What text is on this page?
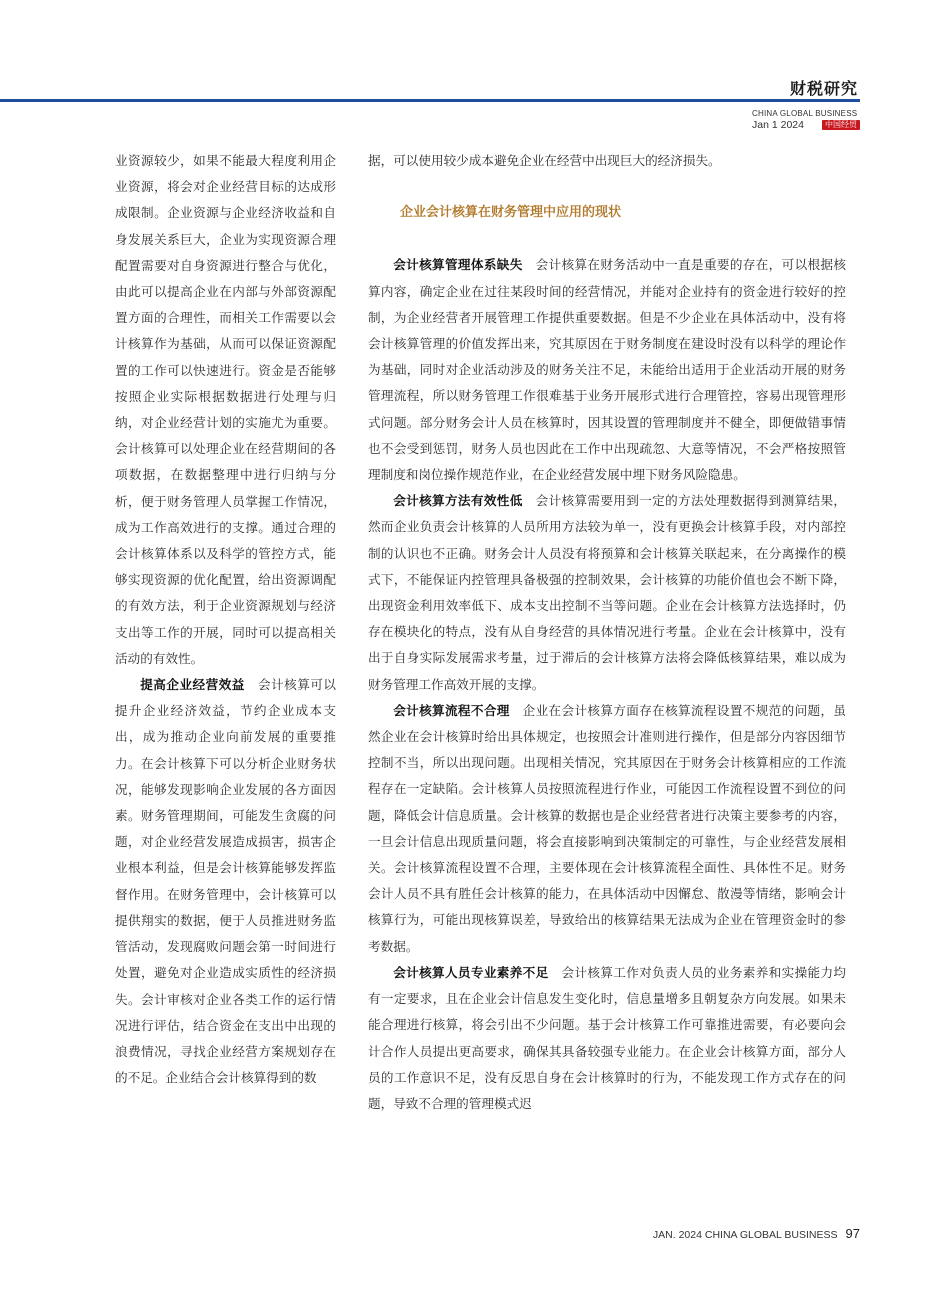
财税研究
CHINA GLOBAL BUSINESS
Jan 1 2024	中国经贸

业资源较少，如果不能最大程度利用企业资源，将会对企业经营目标的达成形成限制。企业资源与企业经济收益和自身发展关系巨大，企业为实现资源合理配置需要对自身资源进行整合与优化，由此可以提高企业在内部与外部资源配置方面的合理性，而相关工作需要以会计核算作为基础，从而可以保证资源配置的工作可以快速进行。资金是否能够按照企业实际根据数据进行处理与归纳，对企业经营计划的实施尤为重要。会计核算可以处理企业在经营期间的各项数据，在数据整理中进行归纳与分析，便于财务管理人员掌握工作情况，成为工作高效进行的支撑。通过合理的会计核算体系以及科学的管控方式，能够实现资源的优化配置，给出资源调配的有效方法，利于企业资源规划与经济支出等工作的开展，同时可以提高相关活动的有效性。

提高企业经营效益  会计核算可以提升企业经济效益，节约企业成本支出，成为推动企业向前发展的重要推力。在会计核算下可以分析企业财务状况，能够发现影响企业发展的各方面因素。财务管理期间，可能发生贪腐的问题，对企业经营发展造成损害，损害企业根本利益，但是会计核算能够发挥监督作用。在财务管理中，会计核算可以提供翔实的数据，便于人员推进财务监管活动，发现腐败问题会第一时间进行处置，避免对企业造成实质性的经济损失。会计审核对企业各类工作的运行情况进行评估，结合资金在支出中出现的浪费情况，寻找企业经营方案规划存在的不足。企业结合会计核算得到的数

据，可以使用较少成本避免企业在经营中出现巨大的经济损失。

企业会计核算在财务管理中应用的现状

会计核算管理体系缺失  会计核算在财务活动中一直是重要的存在，可以根据核算内容，确定企业在过往某段时间的经营情况，并能对企业持有的资金进行较好的控制，为企业经营者开展管理工作提供重要数据。但是不少企业在具体活动中，没有将会计核算管理的价值发挥出来，究其原因在于财务制度在建设时没有以科学的理论作为基础，同时对企业活动涉及的财务关注不足，未能给出适用于企业活动开展的财务管理流程，所以财务管理工作很难基于业务开展形式进行合理管控，容易出现管理形式问题。部分财务会计人员在核算时，因其设置的管理制度并不健全，即便做错事情也不会受到惩罚，财务人员也因此在工作中出现疏忽、大意等情况，不会严格按照管理制度和岗位操作规范作业，在企业经营发展中埋下财务风险隐患。

会计核算方法有效性低  会计核算需要用到一定的方法处理数据得到测算结果，然而企业负责会计核算的人员所用方法较为单一，没有更换会计核算手段，对内部控制的认识也不正确。财务会计人员没有将预算和会计核算关联起来，在分离操作的模式下，不能保证内控管理具备极强的控制效果，会计核算的功能价值也会不断下降，出现资金利用效率低下、成本支出控制不当等问题。企业在会计核算方法选择时，仍存在模块化的特点，没有从自身经营的具体情况进行考量。企业在会计核算中，没有出于自身实际发展需求考量，过于滞后的会计核算方法将会降低核算结果，难以成为财务管理工作高效开展的支撑。

会计核算流程不合理  企业在会计核算方面存在核算流程设置不规范的问题，虽然企业在会计核算时给出具体规定，也按照会计准则进行操作，但是部分内容因细节控制不当，所以出现问题。出现相关情况，究其原因在于财务会计核算相应的工作流程存在一定缺陷。会计核算人员按照流程进行作业，可能因工作流程设置不到位的问题，降低会计信息质量。会计核算的数据也是企业经营者进行决策主要参考的内容，一旦会计信息出现质量问题，将会直接影响到决策制定的可靠性，与企业经营发展相关。会计核算流程设置不合理，主要体现在会计核算流程全面性、具体性不足。财务会计人员不具有胜任会计核算的能力，在具体活动中因懈怠、散漫等情绪，影响会计核算行为，可能出现核算误差，导致给出的核算结果无法成为企业在管理资金时的参考数据。

会计核算人员专业素养不足  会计核算工作对负责人员的业务素养和实操能力均有一定要求，且在企业会计信息发生变化时，信息量增多且朝复杂方向发展。如果未能合理进行核算，将会引出不少问题。基于会计核算工作可靠推进需要，有必要向会计合作人员提出更高要求，确保其具备较强专业能力。在企业会计核算方面，部分人员的工作意识不足，没有反思自身在会计核算时的行为，不能发现工作方式存在的问题，导致不合理的管理模式迟

JAN. 2024 CHINA GLOBAL BUSINESS 97
